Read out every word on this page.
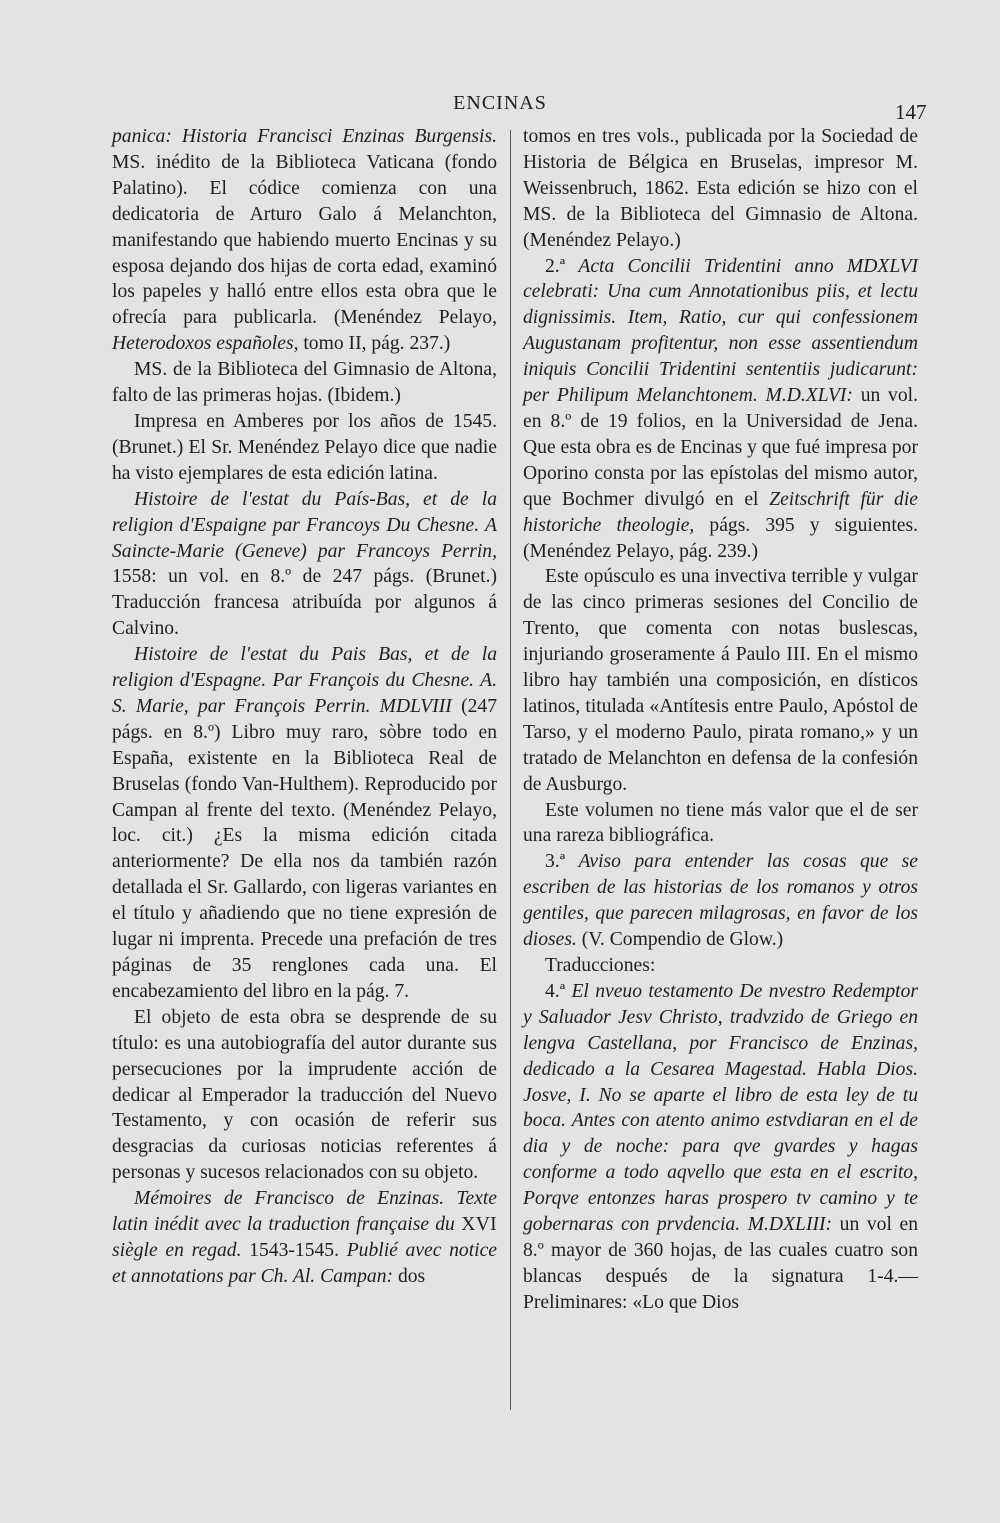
ENCINAS	147

panica: Historia Francisci Enzinas Burgensis. MS. inédito de la Biblioteca Vaticana (fondo Palatino). El códice comienza con una dedicatoria de Arturo Galo á Melanchton, manifestando que habiendo muerto Encinas y su esposa dejando dos hijas de corta edad, examinó los papeles y halló entre ellos esta obra que le ofrecía para publicarla. (Menéndez Pelayo, Heterodoxos españoles, tomo II, pág. 237.)

MS. de la Biblioteca del Gimnasio de Altona, falto de las primeras hojas. (Ibidem.)

Impresa en Amberes por los años de 1545. (Brunet.) El Sr. Menéndez Pelayo dice que nadie ha visto ejemplares de esta edición latina.

Histoire de l'estat du País-Bas, et de la religion d'Espaigne par Francoys Du Chesne. A Saincte-Marie (Geneve) par Francoys Perrin, 1558: un vol. en 8.º de 247 págs. (Brunet.) Traducción francesa atribuída por algunos á Calvino.

Histoire de l'estat du Pais Bas, et de la religion d'Espagne. Par François du Chesne. A. S. Marie, par François Perrin. MDLVIII (247 págs. en 8.º) Libro muy raro, sòbre todo en España, existente en la Biblioteca Real de Bruselas (fondo Van-Hulthem). Reproducido por Campan al frente del texto. (Menéndez Pelayo, loc. cit.) ¿Es la misma edición citada anteriormente? De ella nos da también razón detallada el Sr. Gallardo, con ligeras variantes en el título y añadiendo que no tiene expresión de lugar ni imprenta. Precede una prefación de tres páginas de 35 renglones cada una. El encabezamiento del libro en la pág. 7.

El objeto de esta obra se desprende de su título: es una autobiografía del autor durante sus persecuciones por la imprudente acción de dedicar al Emperador la traducción del Nuevo Testamento, y con ocasión de referir sus desgracias da curiosas noticias referentes á personas y sucesos relacionados con su objeto.

Mémoires de Francisco de Enzinas. Texte latin inédit avec la traduction française du XVI siègle en regad. 1543-1545. Publié avec notice et annotations par Ch. Al. Campan: dos

tomos en tres vols., publicada por la Sociedad de Historia de Bélgica en Bruselas, impresor M. Weissenbruch, 1862. Esta edición se hizo con el MS. de la Biblioteca del Gimnasio de Altona. (Menéndez Pelayo.)

2.ª Acta Concilii Tridentini anno MDXLVI celebrati: Una cum Annotationibus piis, et lectu dignissimis. Item, Ratio, cur qui confessionem Augustanam profitentur, non esse assentiendum iniquis Concilii Tridentini sententiis judicarunt: per Philipum Melanchtonem. M.D.XLVI: un vol. en 8.º de 19 folios, en la Universidad de Jena. Que esta obra es de Encinas y que fué impresa por Oporino consta por las epístolas del mismo autor, que Bochmer divulgó en el Zeitschrift für die historiche theologie, págs. 395 y siguientes. (Menéndez Pelayo, pág. 239.)

Este opúsculo es una invectiva terrible y vulgar de las cinco primeras sesiones del Concilio de Trento, que comenta con notas buslescas, injuriando groseramente á Paulo III. En el mismo libro hay también una composición, en dísticos latinos, titulada «Antítesis entre Paulo, Apóstol de Tarso, y el moderno Paulo, pirata romano,» y un tratado de Melanchton en defensa de la confesión de Ausburgo.

Este volumen no tiene más valor que el de ser una rareza bibliográfica.

3.ª Aviso para entender las cosas que se escriben de las historias de los romanos y otros gentiles, que parecen milagrosas, en favor de los dioses. (V. Compendio de Glow.)

Traducciones:

4.ª El nveuo testamento De nvestro Redemptor y Saluador Jesv Christo, tradvzido de Griego en lengva Castellana, por Francisco de Enzinas, dedicado a la Cesarea Magestad. Habla Dios. Josve, I. No se aparte el libro de esta ley de tu boca. Antes con atento animo estvdiaran en el de dia y de noche: para qve gvardes y hagas conforme a todo aqvello que esta en el escrito, Porqve entonzes haras prospero tv camino y te gobernaras con prvdencia. M.DXLIII: un vol en 8.º mayor de 360 hojas, de las cuales cuatro son blancas después de la signatura 1-4.—Preliminares: «Lo que Dios
